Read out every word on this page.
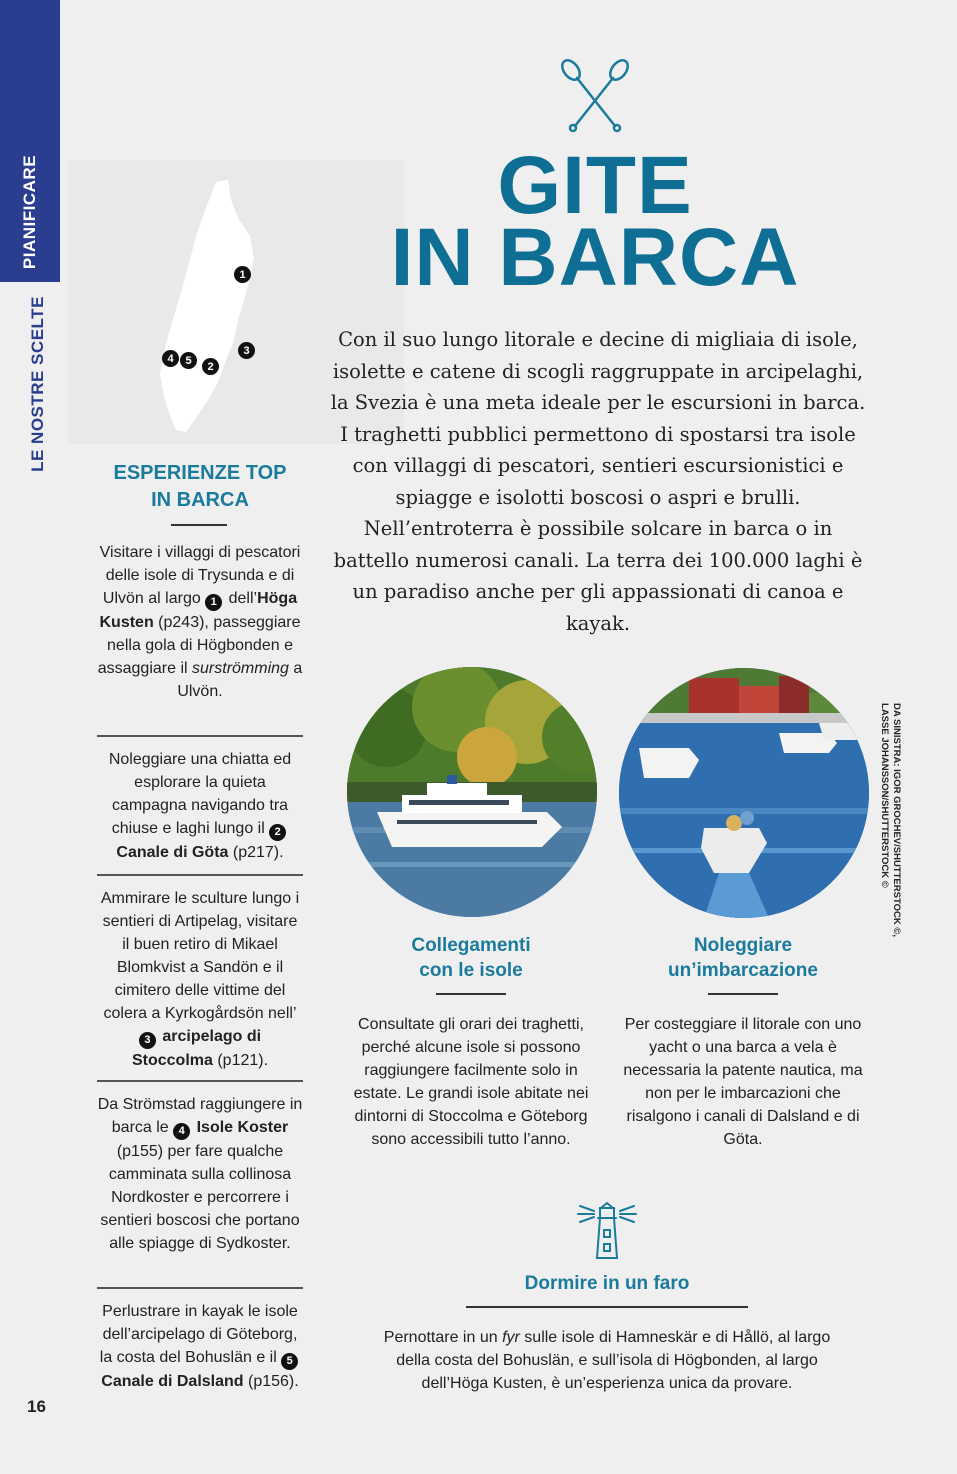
PIANIFICARE
LE NOSTRE SCELTE
1
2
3
4	5
ESPERIENZE TOP
IN BARCA
Visitare i villaggi di pescatori delle isole di Trysunda e di Ulvön al largo 1 dell’Höga Kusten (p243), passeggiare nella gola di Högbonden e assaggiare il surströmming a Ulvön.
Noleggiare una chiatta ed esplorare la quieta campagna navigando tra chiuse e laghi lungo il 2 Canale di Göta (p217).
Ammirare le sculture lungo i sentieri di Artipelag, visitare il buen retiro di Mikael Blomkvist a Sandön e il cimitero delle vittime del colera a Kyrkogårdsön nell’3 arcipelago di Stoccolma (p121).
Da Strömstad raggiungere in barca le 4 Isole Koster (p155) per fare qualche camminata sulla collinosa Nordkoster e percorrere i sentieri boscosi che portano alle spiagge di Sydkoster.
Perlustrare in kayak le isole dell’arcipelago di Göteborg, la costa del Bohuslän e il 5 Canale di Dalsland (p156).
16
GITE
IN BARCA
Con il suo lungo litorale e decine di migliaia di isole, isolette e catene di scogli raggruppate in arcipelaghi, la Svezia è una meta ideale per le escursioni in barca. I traghetti pubblici permettono di spostarsi tra isole con villaggi di pescatori, sentieri escursionistici e spiagge e isolotti boscosi o aspri e brulli. Nell’entroterra è possibile solcare in barca o in battello numerosi canali. La terra dei 100.000 laghi è un paradiso anche per gli appassionati di canoa e kayak.
DA SINISTRA: IGOR GROCHEV/SHUTTERSTOCK ©,
LASSE JOHANSSON/SHUTTERSTOCK ©
Collegamenti
con le isole
Consultate gli orari dei traghetti, perché alcune isole si possono raggiungere facilmente solo in estate. Le grandi isole abitate nei dintorni di Stoccolma e Göteborg sono accessibili tutto l’anno.
Noleggiare
un’imbarcazione
Per costeggiare il litorale con uno yacht o una barca a vela è necessaria la patente nautica, ma non per le imbarcazioni che risalgono i canali di Dalsland e di Göta.
Dormire in un faro
Pernottare in un fyr sulle isole di Hamneskär e di Hållö, al largo della costa del Bohuslän, e sull’isola di Högbonden, al largo dell’Höga Kusten, è un’esperienza unica da provare.
